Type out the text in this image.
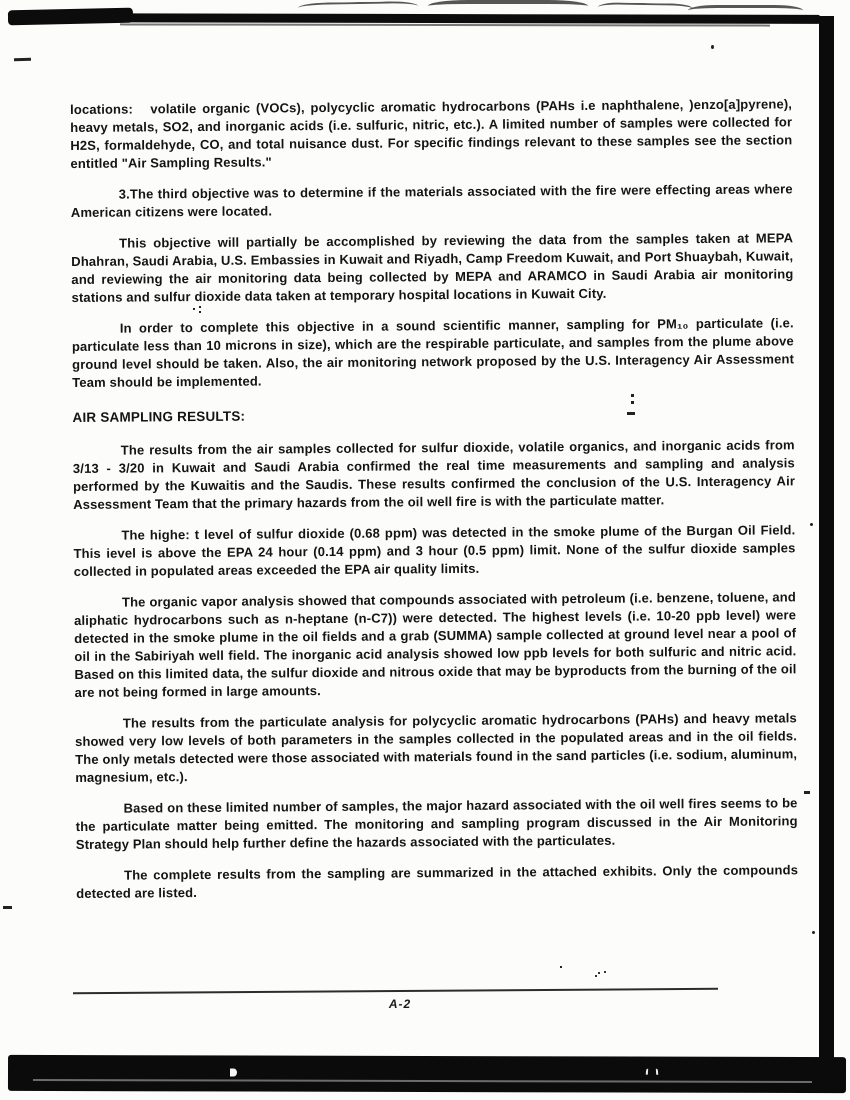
locations:   volatile organic (VOCs), polycyclic aromatic hydrocarbons (PAHs i.e naphthalene, )enzo[a]pyrene), heavy metals, SO2, and inorganic acids (i.e. sulfuric, nitric, etc.). A limited number of samples were collected for H2S, formaldehyde, CO, and total nuisance dust. For specific findings relevant to these samples see the section entitled "Air Sampling Results."

3.The third objective was to determine if the materials associated with the fire were effecting areas where American citizens were located.

This objective will partially be accomplished by reviewing the data from the samples taken at MEPA Dhahran, Saudi Arabia, U.S. Embassies in Kuwait and Riyadh, Camp Freedom Kuwait, and Port Shuaybah, Kuwait, and reviewing the air monitoring data being collected by MEPA and ARAMCO in Saudi Arabia air monitoring stations and sulfur dioxide data taken at temporary hospital locations in Kuwait City.

In order to complete this objective in a sound scientific manner, sampling for PM₁₀ particulate (i.e. particulate less than 10 microns in size), which are the respirable particulate, and samples from the plume above ground level should be taken. Also, the air monitoring network proposed by the U.S. Interagency Air Assessment Team should be implemented.

AIR SAMPLING RESULTS:

The results from the air samples collected for sulfur dioxide, volatile organics, and inorganic acids from 3/13 - 3/20 in Kuwait and Saudi Arabia confirmed the real time measurements and sampling and analysis performed by the Kuwaitis and the Saudis. These results confirmed the conclusion of the U.S. Interagency Air Assessment Team that the primary hazards from the oil well fire is with the particulate matter.

The highe: t level of sulfur dioxide (0.68 ppm) was detected in the smoke plume of the Burgan Oil Field. This ievel is above the EPA 24 hour (0.14 ppm) and 3 hour (0.5 ppm) limit. None of the sulfur dioxide samples collected in populated areas exceeded the EPA air quality limits.

The organic vapor analysis showed that compounds associated with petroleum (i.e. benzene, toluene, and aliphatic hydrocarbons such as n-heptane (n-C7)) were detected. The highest levels (i.e. 10-20 ppb level) were detected in the smoke plume in the oil fields and a grab (SUMMA) sample collected at ground level near a pool of oil in the Sabiriyah well field. The inorganic acid analysis showed low ppb levels for both sulfuric and nitric acid. Based on this limited data, the sulfur dioxide and nitrous oxide that may be byproducts from the burning of the oil are not being formed in large amounts.

The results from the particulate analysis for polycyclic aromatic hydrocarbons (PAHs) and heavy metals showed very low levels of both parameters in the samples collected in the populated areas and in the oil fields. The only metals detected were those associated with materials found in the sand particles (i.e. sodium, aluminum, magnesium, etc.).

Based on these limited number of samples, the major hazard associated with the oil well fires seems to be the particulate matter being emitted. The monitoring and sampling program discussed in the Air Monitoring Strategy Plan should help further define the hazards associated with the particulates.

The complete results from the sampling are summarized in the attached exhibits. Only the compounds detected are listed.

A-2
